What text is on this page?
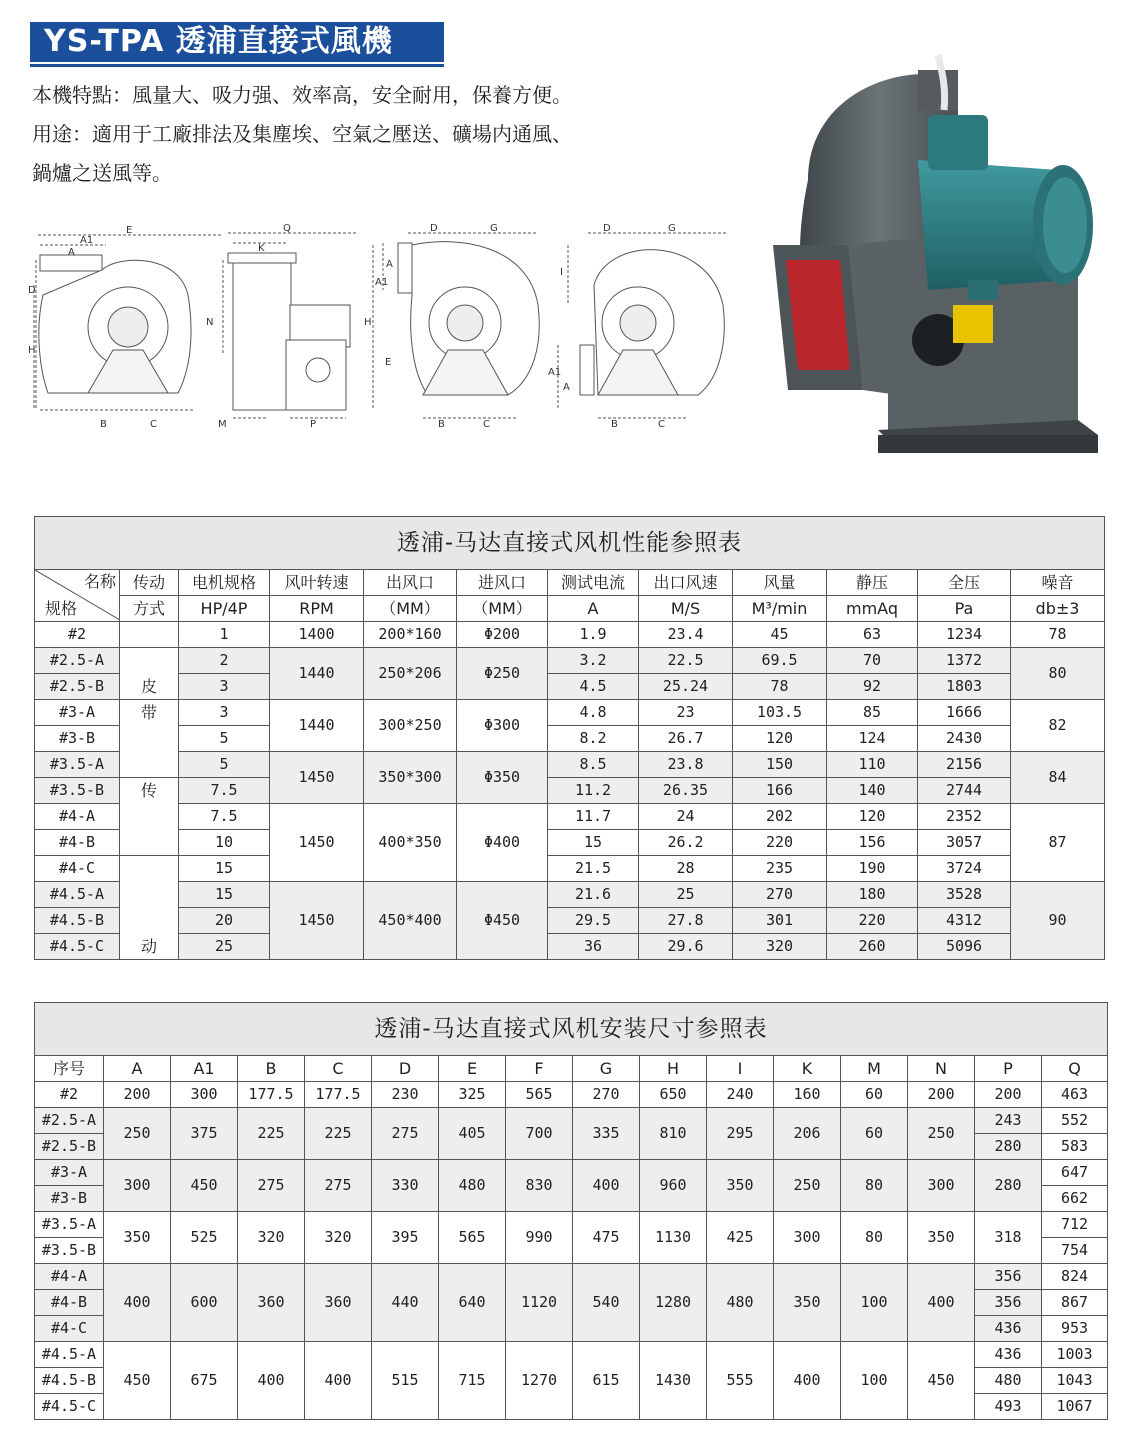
YS-TPA 透浦直接式風機
本機特點：風量大、吸力强、效率高，安全耐用，保養方便。
用途：適用于工廠排法及集塵埃、空氣之壓送、礦場内通風、
鍋爐之送風等。
E
A1
A
D
H
B	C
Q
K
N
M	P
D	G
A1
A
H
E
B	C
D	G
I
A1
A
B	C
透浦-马达直接式风机性能参照表											

名称
规格	传动	电机规格	风叶转速	出风口	进风口	测试电流	出口风速	风量	静压	全压	噪音
	方式	HP/4P	RPM	（MM）	（MM）	A	M/S	M³/min	mmAq	Pa	db±3
#2		1	1400	200*160	Φ200	1.9	23.4	45	63	1234	78
#2.5-A	皮	2	1440	250*206	Φ250	3.2	22.5	69.5	70	1372	80
#2.5-B		3				4.5	25.24	78	92	1803	
#3-A	带	3	1440	300*250	Φ300	4.8	23	103.5	85	1666	82
#3-B		5				8.2	26.7	120	124	2430	
#3.5-A		5	1450	350*300	Φ350	8.5	23.8	150	110	2156	84
#3.5-B	传	7.5				11.2	26.35	166	140	2744	
#4-A		7.5	1450	400*350	Φ400	11.7	24	202	120	2352	87
#4-B		10				15	26.2	220	156	3057	
#4-C	动	15				21.5	28	235	190	3724	
#4.5-A		15	1450	450*400	Φ450	21.6	25	270	180	3528	90
#4.5-B		20				29.5	27.8	301	220	4312	
#4.5-C		25				36	29.6	320	260	5096	
透浦-马达直接式风机安装尺寸参照表															
序号	A	A1	B	C	D	E	F	G	H	I	K	M	N	P	Q
#2	200	300	177.5	177.5	230	325	565	270	650	240	160	60	200	200	463
#2.5-A	250	375	225	225	275	405	700	335	810	295	206	60	250	243	552
#2.5-B														280	583
#3-A	300	450	275	275	330	480	830	400	960	350	250	80	300	280	647
#3-B															662
#3.5-A	350	525	320	320	395	565	990	475	1130	425	300	80	350	318	712
#3.5-B															754
#4-A	400	600	360	360	440	640	1120	540	1280	480	350	100	400	356	824
#4-B														356	867
#4-C														436	953
#4.5-A	450	675	400	400	515	715	1270	615	1430	555	400	100	450	436	1003
#4.5-B														480	1043
#4.5-C														493	1067
